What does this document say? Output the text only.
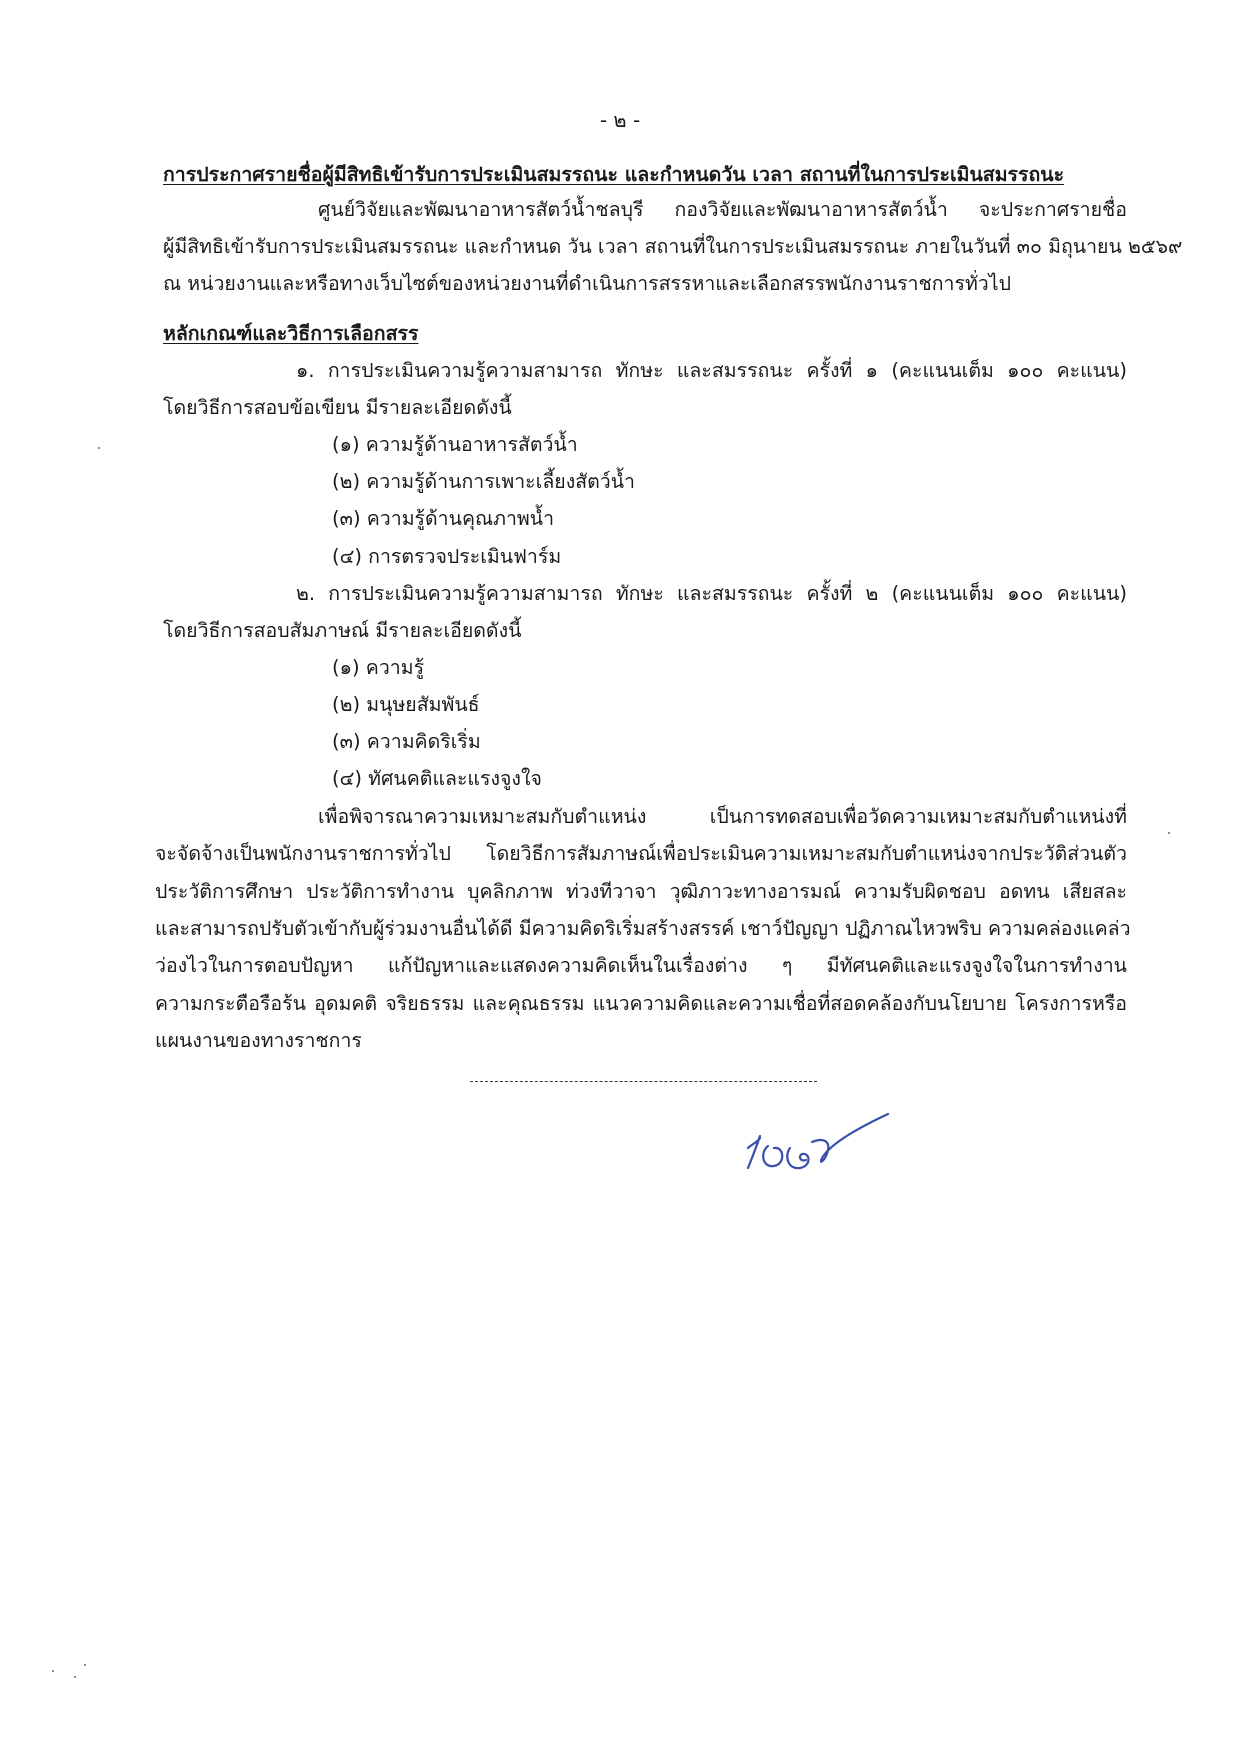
- ๒ -
การประกาศรายชื่อผู้มีสิทธิเข้ารับการประเมินสมรรถนะ และกำหนดวัน เวลา สถานที่ในการประเมินสมรรถนะ
ศูนย์วิจัยและพัฒนาอาหารสัตว์น้ำชลบุรี กองวิจัยและพัฒนาอาหารสัตว์น้ำ จะประกาศรายชื่อ
ผู้มีสิทธิเข้ารับการประเมินสมรรถนะ และกำหนด วัน เวลา สถานที่ในการประเมินสมรรถนะ ภายในวันที่ ๓๐ มิถุนายน ๒๕๖๙
ณ หน่วยงานและหรือทางเว็บไซต์ของหน่วยงานที่ดำเนินการสรรหาและเลือกสรรพนักงานราชการทั่วไป
หลักเกณฑ์และวิธีการเลือกสรร
๑. การประเมินความรู้ความสามารถ ทักษะ และสมรรถนะ ครั้งที่ ๑ (คะแนนเต็ม ๑๐๐ คะแนน)
โดยวิธีการสอบข้อเขียน มีรายละเอียดดังนี้
(๑) ความรู้ด้านอาหารสัตว์น้ำ
(๒) ความรู้ด้านการเพาะเลี้ยงสัตว์น้ำ
(๓) ความรู้ด้านคุณภาพน้ำ
(๔) การตรวจประเมินฟาร์ม
๒. การประเมินความรู้ความสามารถ ทักษะ และสมรรถนะ ครั้งที่ ๒ (คะแนนเต็ม ๑๐๐ คะแนน)
โดยวิธีการสอบสัมภาษณ์ มีรายละเอียดดังนี้
(๑) ความรู้
(๒) มนุษยสัมพันธ์
(๓) ความคิดริเริ่ม
(๔) ทัศนคติและแรงจูงใจ
เพื่อพิจารณาความเหมาะสมกับตำแหน่ง เป็นการทดสอบเพื่อวัดความเหมาะสมกับตำแหน่งที่
จะจัดจ้างเป็นพนักงานราชการทั่วไป โดยวิธีการสัมภาษณ์เพื่อประเมินความเหมาะสมกับตำแหน่งจากประวัติส่วนตัว
ประวัติการศึกษา ประวัติการทำงาน บุคลิกภาพ ท่วงทีวาจา วุฒิภาวะทางอารมณ์ ความรับผิดชอบ อดทน เสียสละ
และสามารถปรับตัวเข้ากับผู้ร่วมงานอื่นได้ดี มีความคิดริเริ่มสร้างสรรค์ เชาว์ปัญญา ปฏิภาณไหวพริบ ความคล่องแคล่ว
ว่องไวในการตอบปัญหา แก้ปัญหาและแสดงความคิดเห็นในเรื่องต่าง ๆ มีทัศนคติและแรงจูงใจในการทำงาน
ความกระตือรือร้น อุดมคติ จริยธรรม และคุณธรรม แนวความคิดและความเชื่อที่สอดคล้องกับนโยบาย โครงการหรือ
แผนงานของทางราชการ
